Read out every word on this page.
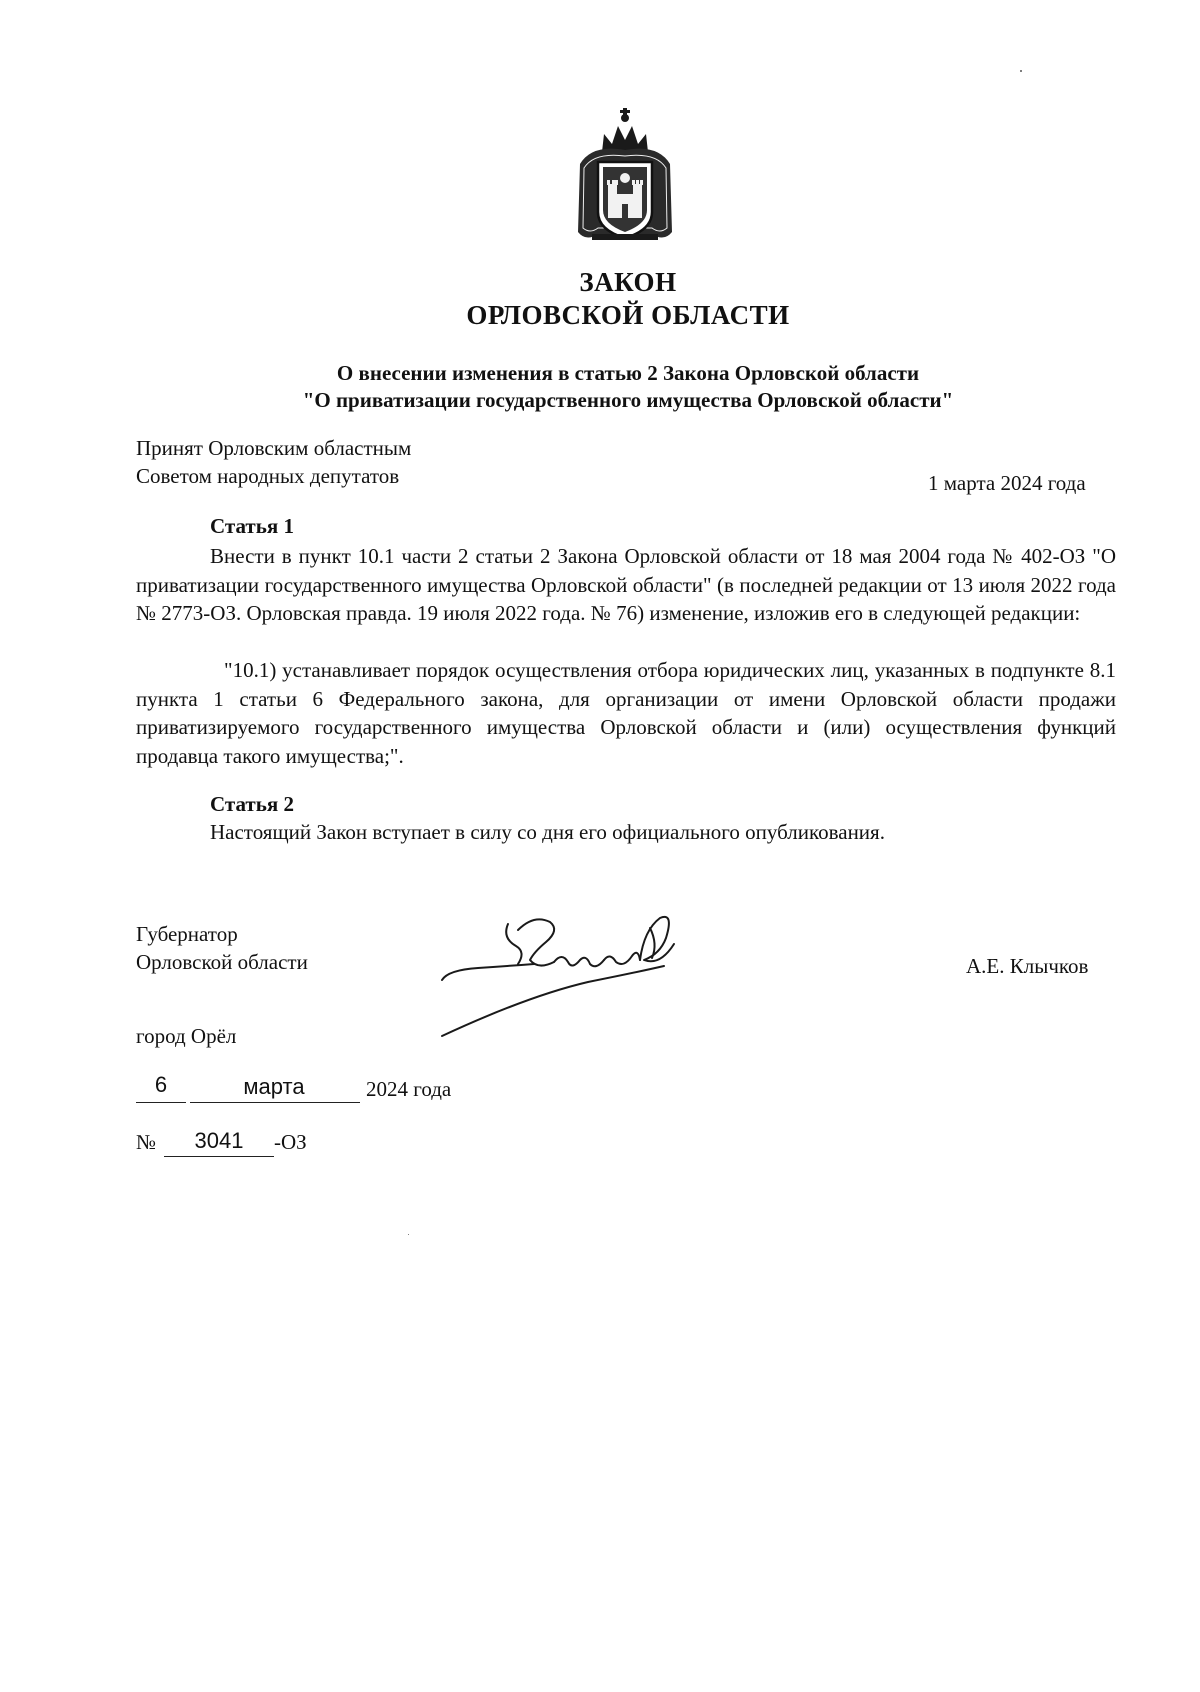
ЗАКОН
ОРЛОВСКОЙ ОБЛАСТИ
О внесении изменения в статью 2 Закона Орловской области
"О приватизации государственного имущества Орловской области"
Принят Орловским областным
Советом народных депутатов	1 марта 2024 года
Статья 1
Внести в пункт 10.1 части 2 статьи 2 Закона Орловской области от 18 мая 2004 года № 402-ОЗ "О приватизации государственного имущества Орловской области" (в последней редакции от 13 июля 2022 года № 2773-ОЗ. Орловская правда. 19 июля 2022 года. № 76) изменение, изложив его в следующей редакции:
"10.1) устанавливает порядок осуществления отбора юридических лиц, указанных в подпункте 8.1 пункта 1 статьи 6 Федерального закона, для организации от имени Орловской области продажи приватизируемого государственного имущества Орловской области и (или) осуществления функций продавца такого имущества;".
Статья 2
Настоящий Закон вступает в силу со дня его официального опубликования.
Губернатор
Орловской области	А.Е. Клычков
город Орёл
6	марта	2024 года
№	3041	-ОЗ
